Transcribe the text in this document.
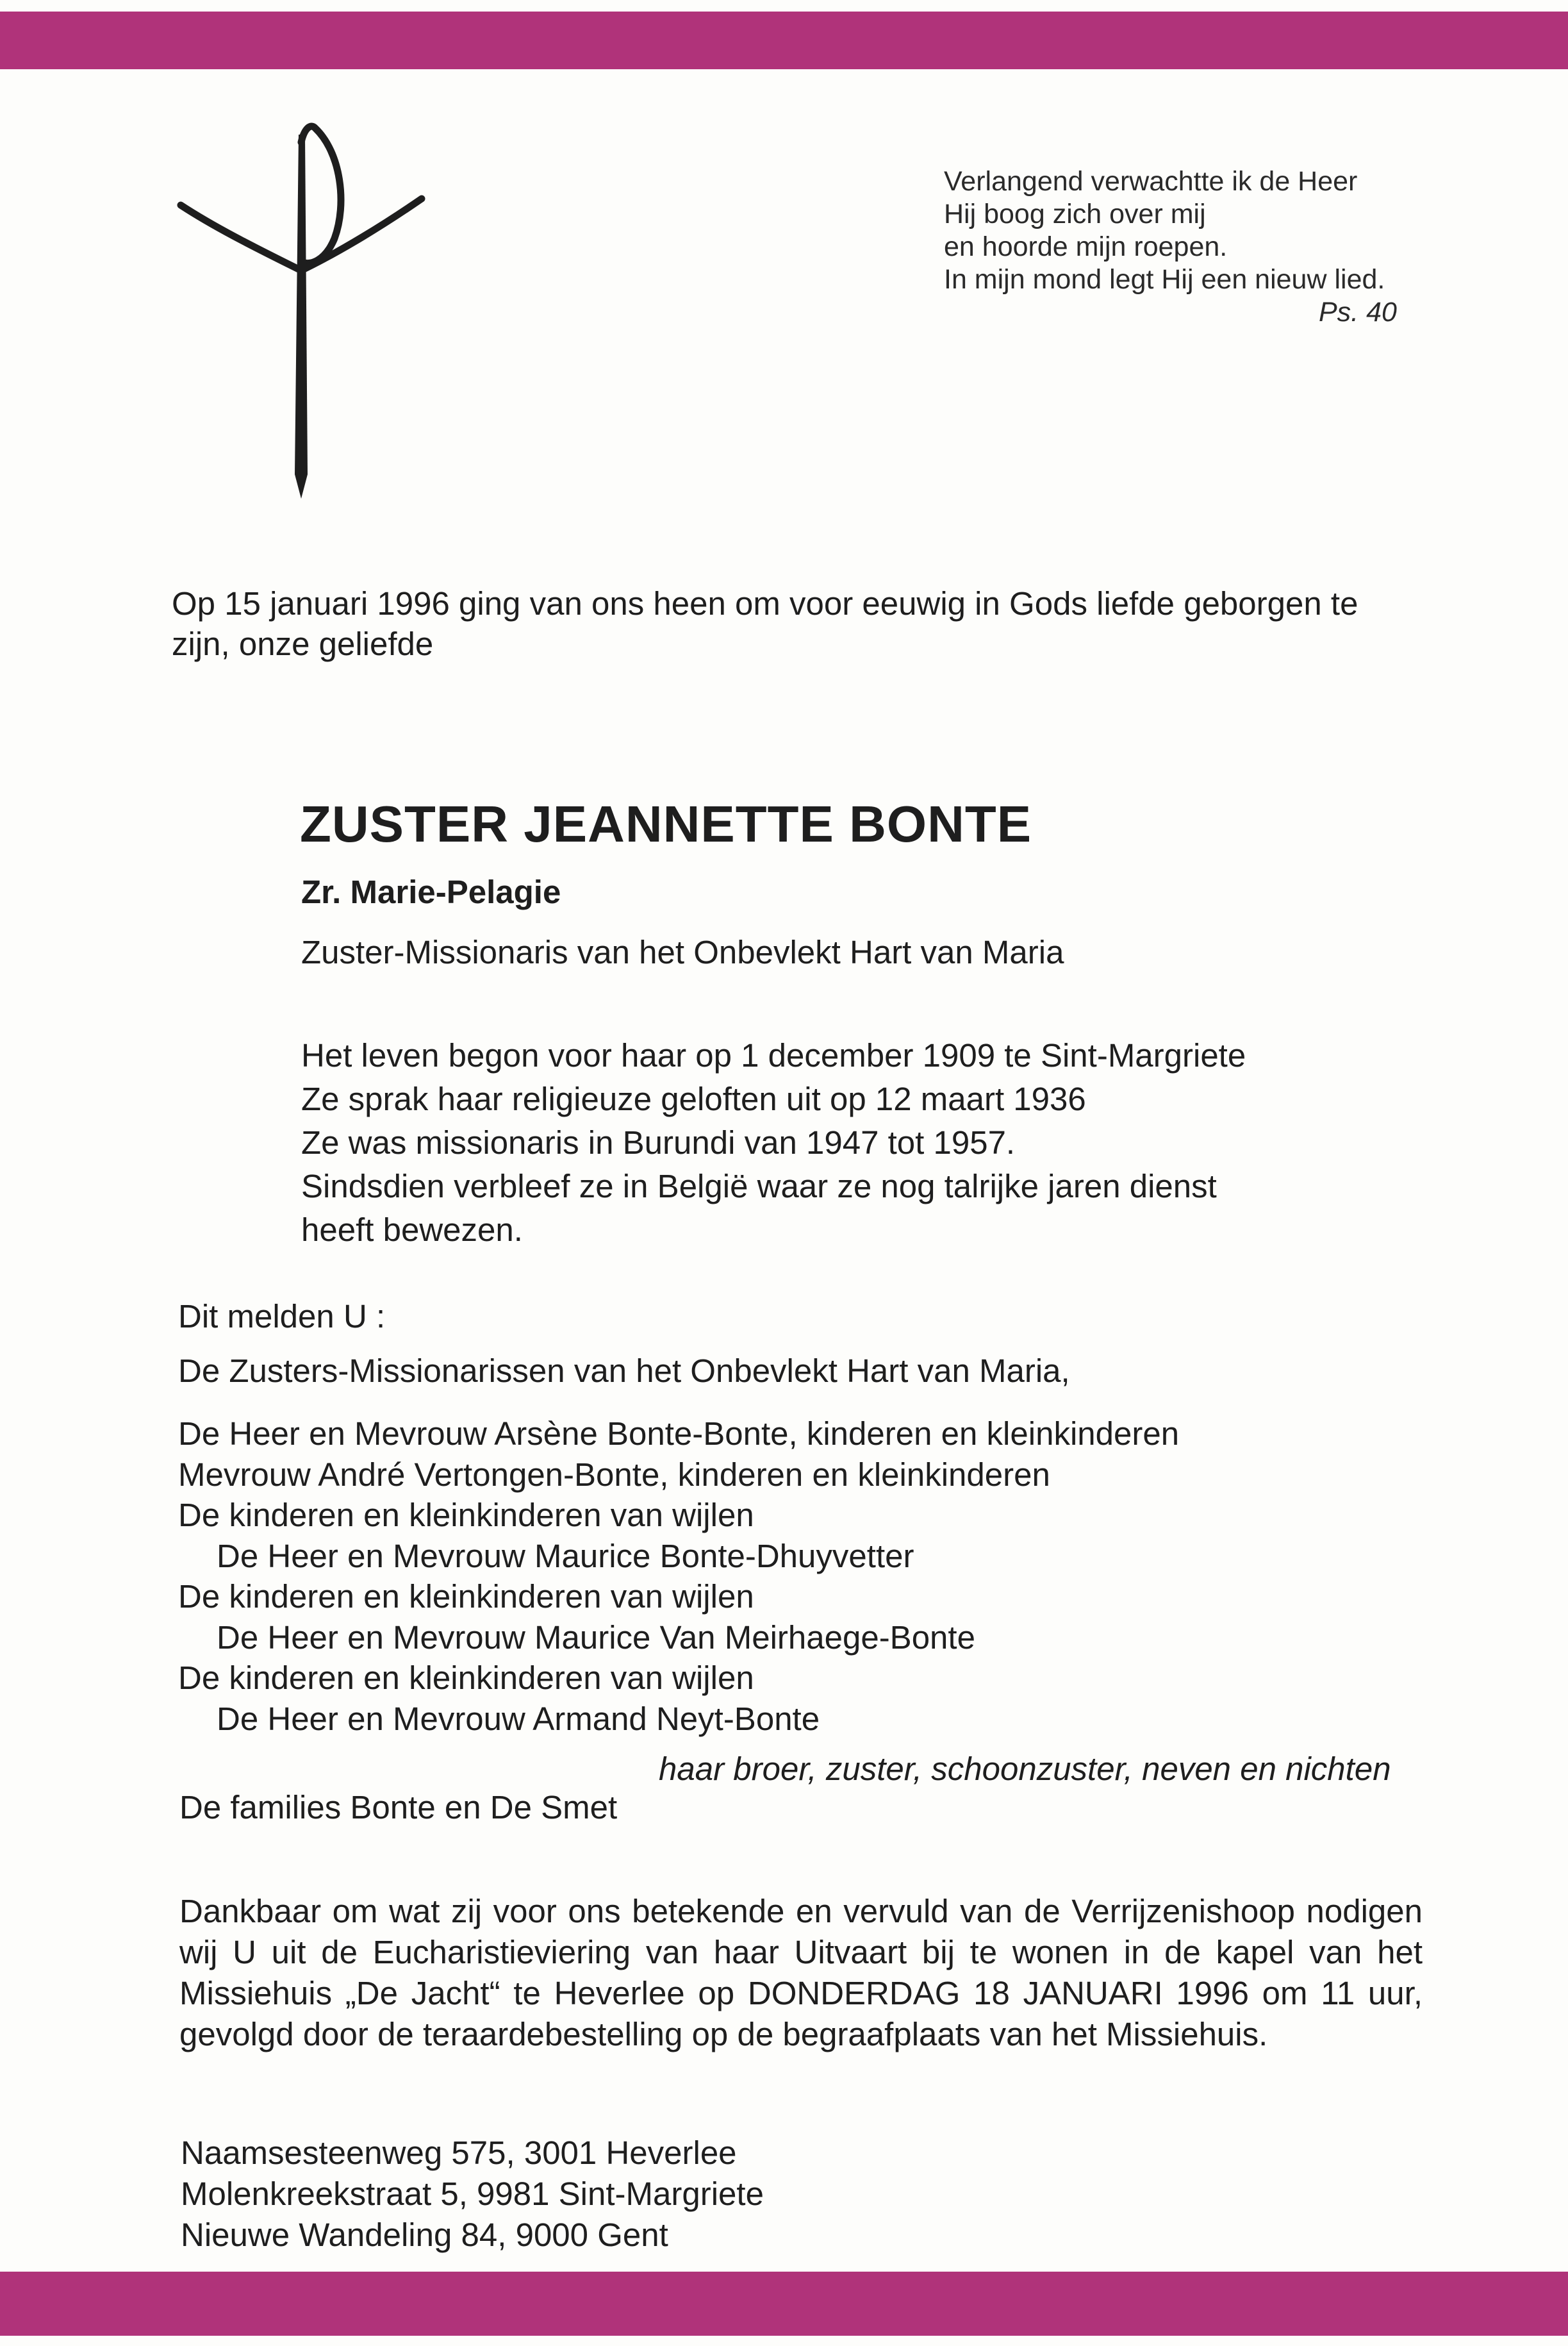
Verlangend verwachtte ik de Heer
Hij boog zich over mij
en hoorde mijn roepen.
In mijn mond legt Hij een nieuw lied.
Ps. 40
Op 15 januari 1996 ging van ons heen om voor eeuwig in Gods liefde geborgen te
zijn, onze geliefde
ZUSTER JEANNETTE BONTE
Zr. Marie-Pelagie
Zuster-Missionaris van het Onbevlekt Hart van Maria
Het leven begon voor haar op 1 december 1909 te Sint-Margriete
Ze sprak haar religieuze geloften uit op 12 maart 1936
Ze was missionaris in Burundi van 1947 tot 1957.
Sindsdien verbleef ze in België waar ze nog talrijke jaren dienst
heeft bewezen.
Dit melden U :
De Zusters-Missionarissen van het Onbevlekt Hart van Maria,
De Heer en Mevrouw Arsène Bonte-Bonte, kinderen en kleinkinderen
Mevrouw André Vertongen-Bonte, kinderen en kleinkinderen
De kinderen en kleinkinderen van wijlen
De Heer en Mevrouw Maurice Bonte-Dhuyvetter
De kinderen en kleinkinderen van wijlen
De Heer en Mevrouw Maurice Van Meirhaege-Bonte
De kinderen en kleinkinderen van wijlen
De Heer en Mevrouw Armand Neyt-Bonte
haar broer, zuster, schoonzuster, neven en nichten
De families Bonte en De Smet
Dankbaar om wat zij voor ons betekende en vervuld van de Verrijzenishoop nodigen wij U uit de Eucharistieviering van haar Uitvaart bij te wonen in de kapel van het Missiehuis „De Jacht“ te Heverlee op DONDERDAG 18 JANUARI 1996 om 11 uur, gevolgd door de teraardebestelling op de begraafplaats van het Missiehuis.
Naamsesteenweg 575, 3001 Heverlee
Molenkreekstraat 5, 9981 Sint-Margriete
Nieuwe Wandeling 84, 9000 Gent
